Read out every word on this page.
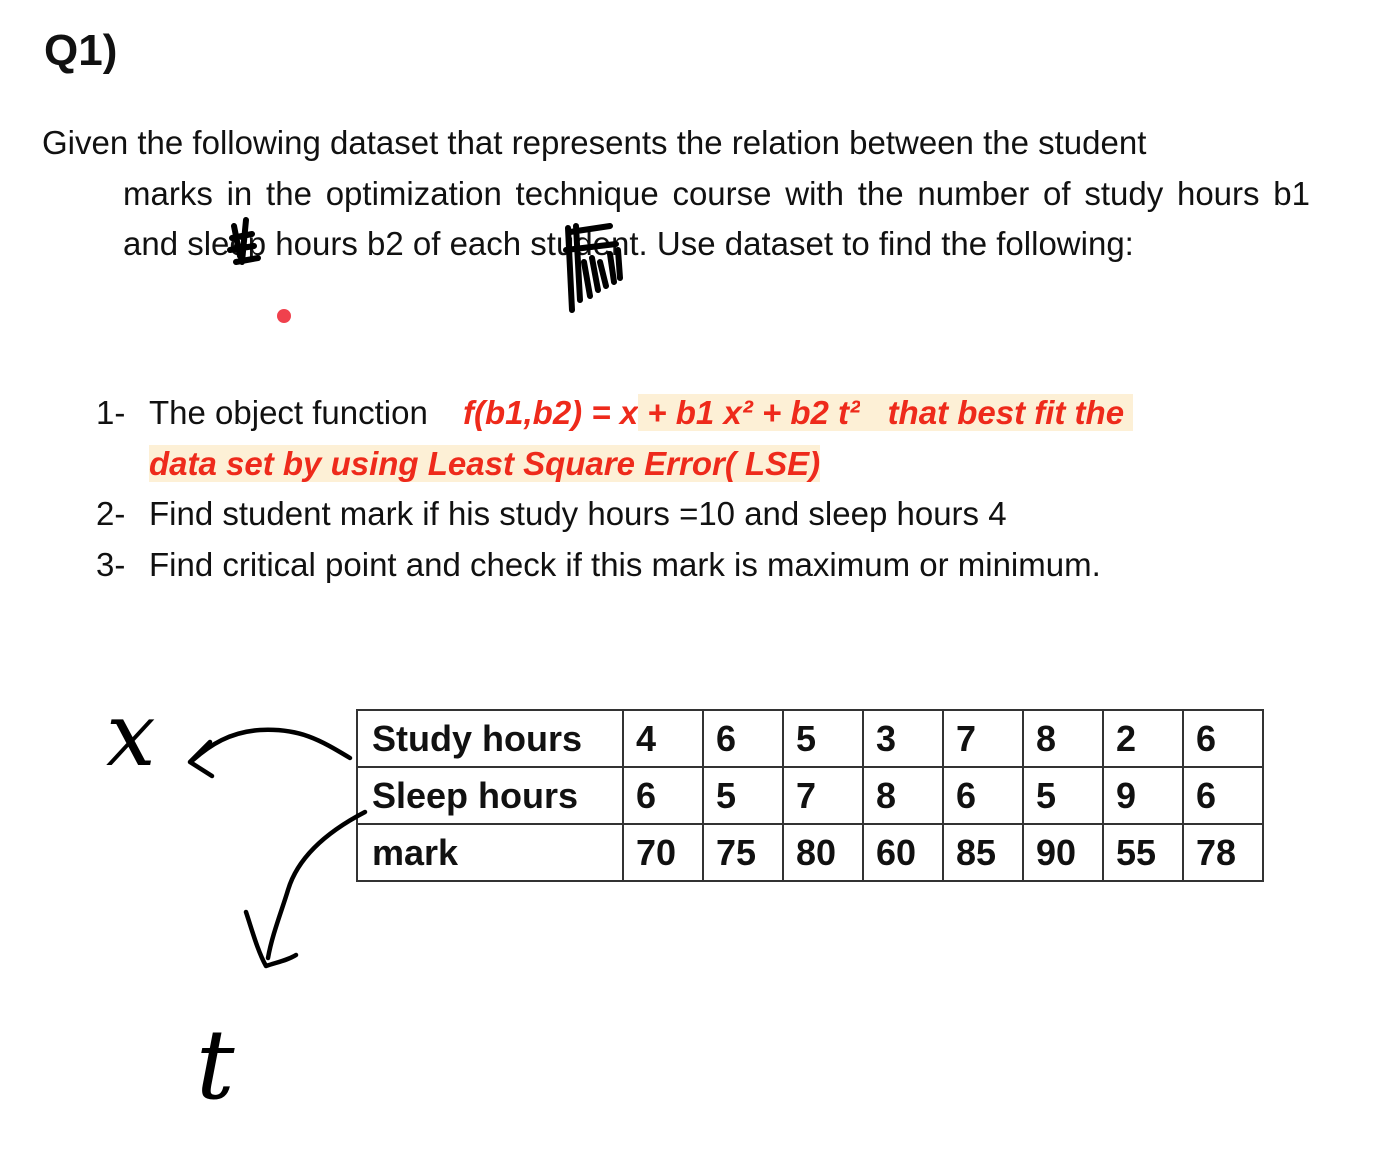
Q1)
Given the following dataset that represents the relation between the student
marks in the optimization technique course with the number of study hours b1 and sleep hours b2 of each student. Use dataset to find the following:
1- The object function f(b1,b2) = x + b1 x² + b2 t² that best fit the
data set by using Least Square Error( LSE)
2- Find student mark if his study hours =10 and sleep hours 4
3- Find critical point and check if this mark is maximum or minimum.
Study hours	4	6	5	3	7	8	2	6
Sleep hours	6	5	7	8	6	5	9	6
mark	70	75	80	60	85	90	55	78
x
t
